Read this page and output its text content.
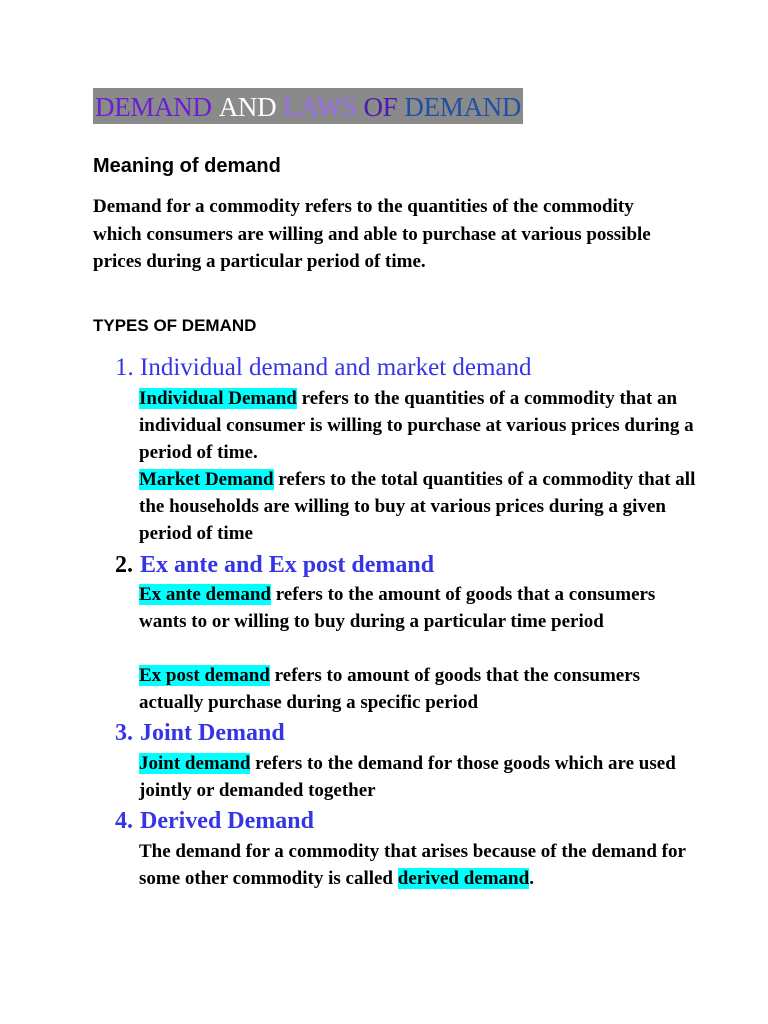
DEMAND AND LAWS OF DEMAND
Meaning of demand
Demand for a commodity refers to the quantities of the commodity which consumers are willing and able to purchase at various possible prices during a particular period of time.
TYPES OF DEMAND
1. Individual demand and market demand
Individual Demand refers to the quantities of a commodity that an individual consumer is willing to purchase at various prices during a period of time.
Market Demand refers to the total quantities of a commodity that all the households are willing to buy at various prices during a given period of time
2. Ex ante and Ex post demand
Ex ante demand refers to the amount of goods that a consumers wants to or willing to buy during a particular time period
Ex post demand refers to amount of goods that the consumers actually purchase during a specific period
3. Joint Demand
Joint demand refers to the demand for those goods which are used jointly or demanded together
4. Derived Demand
The demand for a commodity that arises because of the demand for some other commodity is called derived demand.
